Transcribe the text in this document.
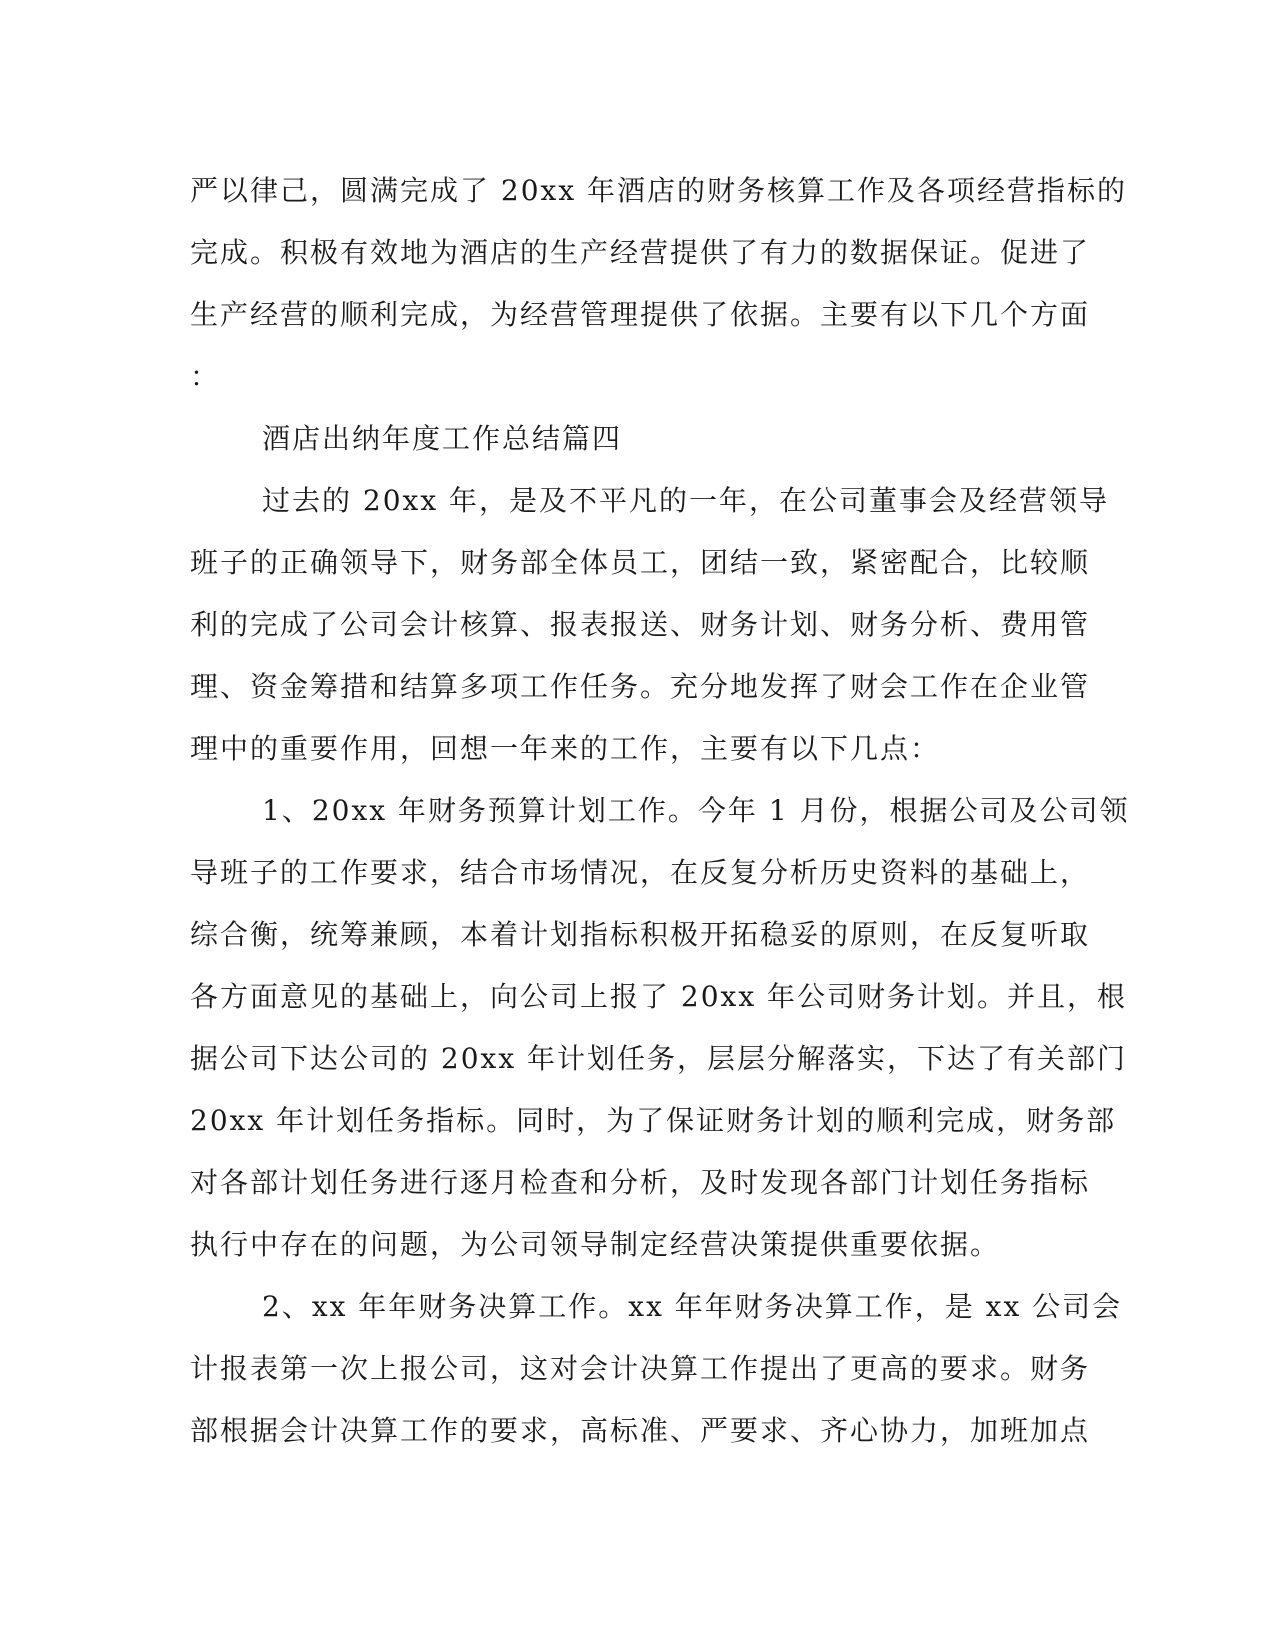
严以律己，圆满完成了 20xx 年酒店的财务核算工作及各项经营指标的
完成。积极有效地为酒店的生产经营提供了有力的数据保证。促进了
生产经营的顺利完成，为经营管理提供了依据。主要有以下几个方面
：
酒店出纳年度工作总结篇四
过去的 20xx 年，是及不平凡的一年，在公司董事会及经营领导
班子的正确领导下，财务部全体员工，团结一致，紧密配合，比较顺
利的完成了公司会计核算、报表报送、财务计划、财务分析、费用管
理、资金筹措和结算多项工作任务。充分地发挥了财会工作在企业管
理中的重要作用，回想一年来的工作，主要有以下几点：
1、20xx 年财务预算计划工作。今年 1 月份，根据公司及公司领
导班子的工作要求，结合市场情况，在反复分析历史资料的基础上，
综合衡，统筹兼顾，本着计划指标积极开拓稳妥的原则，在反复听取
各方面意见的基础上，向公司上报了 20xx 年公司财务计划。并且，根
据公司下达公司的 20xx 年计划任务，层层分解落实，下达了有关部门
20xx 年计划任务指标。同时，为了保证财务计划的顺利完成，财务部
对各部计划任务进行逐月检查和分析，及时发现各部门计划任务指标
执行中存在的问题，为公司领导制定经营决策提供重要依据。
2、xx 年年财务决算工作。xx 年年财务决算工作，是 xx 公司会
计报表第一次上报公司，这对会计决算工作提出了更高的要求。财务
部根据会计决算工作的要求，高标准、严要求、齐心协力，加班加点
